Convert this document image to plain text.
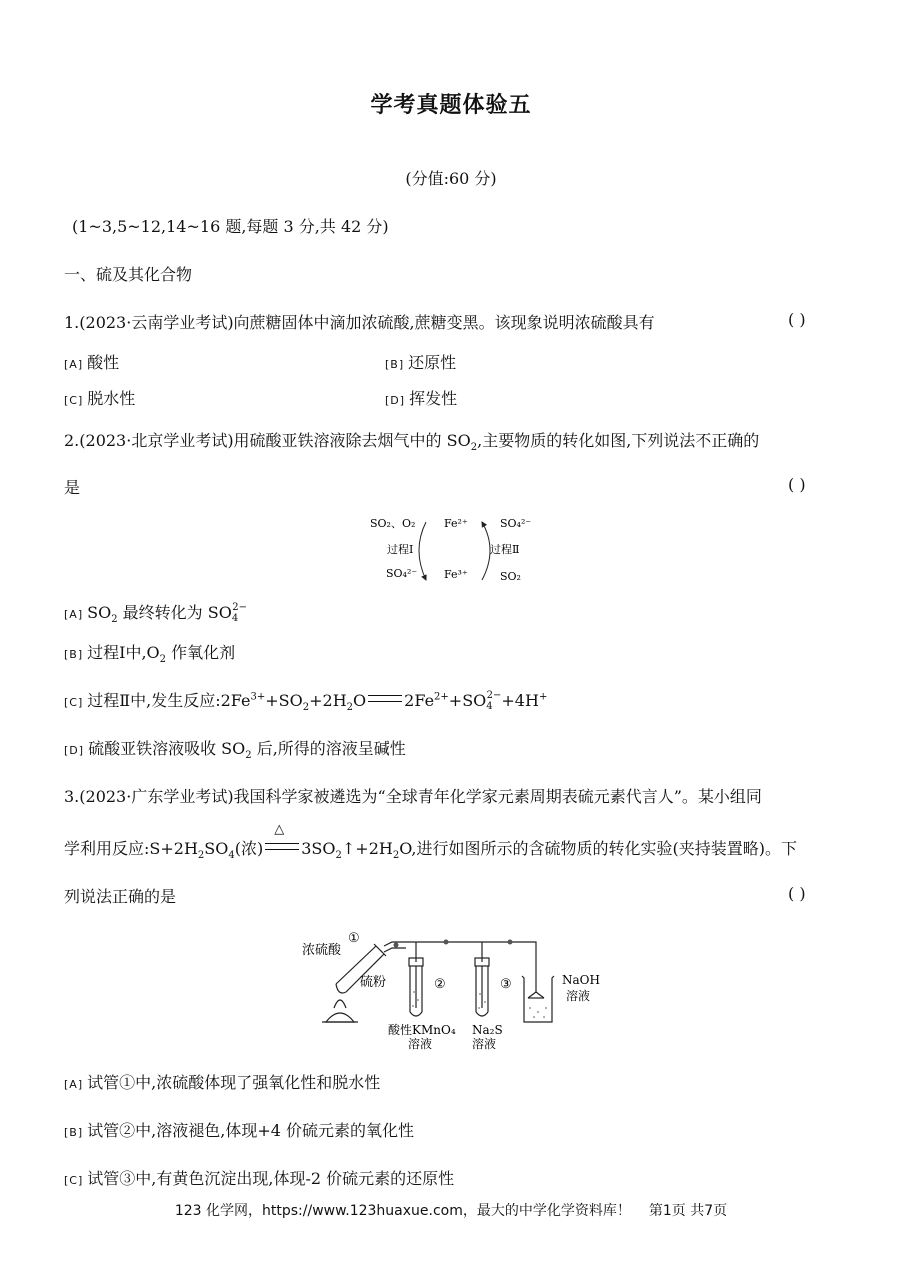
学考真题体验五
(分值:60 分)
(1~3,5~12,14~16 题,每题 3 分,共 42 分)
一、硫及其化合物
1.(2023·云南学业考试)向蔗糖固体中滴加浓硫酸,蔗糖变黑。该现象说明浓硫酸具有	( )
[A] 酸性	[B] 还原性
[C] 脱水性	[D] 挥发性
2.(2023·北京学业考试)用硫酸亚铁溶液除去烟气中的 $SO_2$,主要物质的转化如图,下列说法不正确的
是	( )
SO₂、O₂
过程Ⅰ
SO₄²⁻
Fe²⁺
Fe³⁺
SO₄²⁻
过程Ⅱ
SO₂
[A] $SO_2$ 最终转化为 $SO4^{2-}$
[B] 过程Ⅰ中$,O_2$ 作氧化剂
[C] 过程Ⅱ中,发生反应$:2Fe^{3+}+SO_2+2H_2O$ $2Fe^{2+}+SO4^{2-}+4H^+$
[D] 硫酸亚铁溶液吸收 $SO_2$ 后,所得的溶液呈碱性
3.(2023·广东学业考试)我国科学家被遴选为“全球青年化学家元素周期表硫元素代言人”。某小组同
学利用反应$:S+2H_2SO_4$(浓)
△
$3SO_2↑+2H_2O$,进行如图所示的含硫物质的转化实验(夹持装置略)。下
列说法正确的是	( )
①
浓硫酸
硫粉	②	③
酸性KMnO₄
溶液
Na₂S
溶液
NaOH
溶液
[A] 试管①中,浓硫酸体现了强氧化性和脱水性
[B] 试管②中,溶液褪色,体现+4 价硫元素的氧化性
[C] 试管③中,有黄色沉淀出现,体现-2 价硫元素的还原性
123 化学网，https://www.123huaxue.com，最大的中学化学资料库！ 第1页 共7页
